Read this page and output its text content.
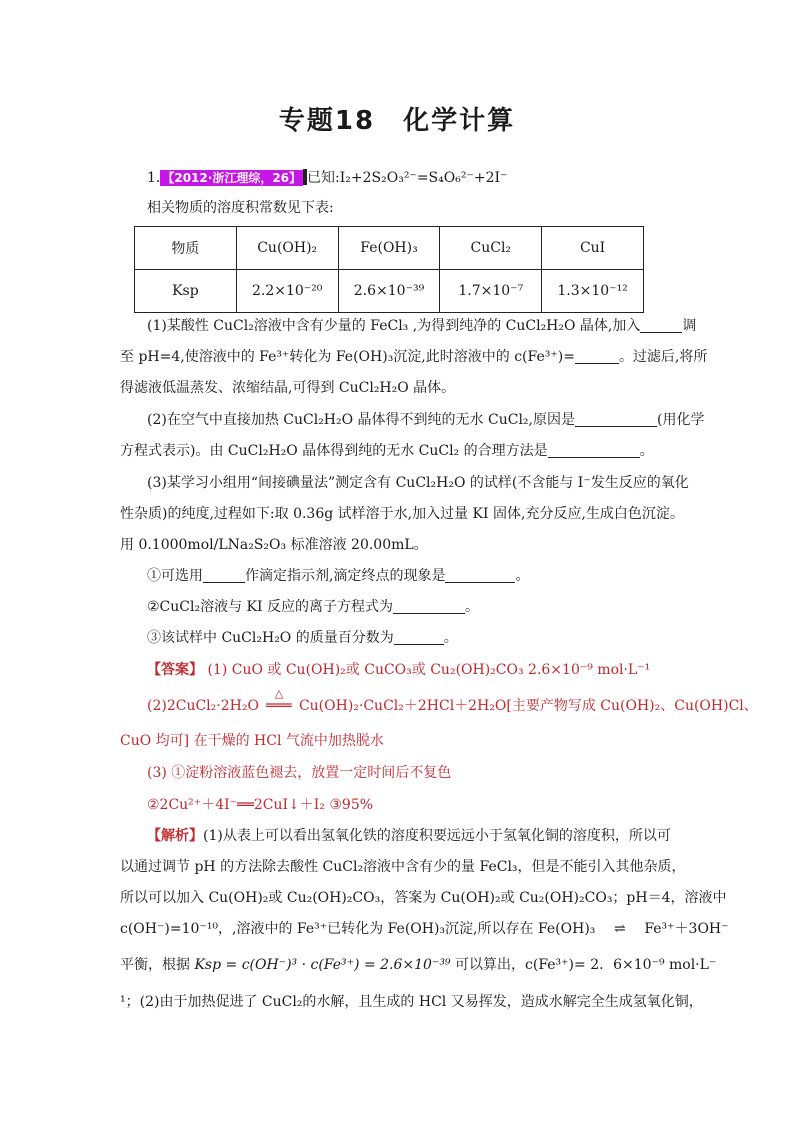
专题18　化学计算
1. 【2012·浙江理综，26】 已知:I₂+2S₂O₃²⁻=S₄O₆²⁻+2I⁻
相关物质的溶度积常数见下表:
物质	Cu(OH)₂	Fe(OH)₃	CuCl₂	CuI
Ksp	2.2×10⁻²⁰	2.6×10⁻³⁹	1.7×10⁻⁷	1.3×10⁻¹²
(1)某酸性 CuCl₂溶液中含有少量的 FeCl₃ ,为得到纯净的 CuCl₂H₂O 晶体,加入	调
至 pH=4,使溶液中的 Fe³⁺转化为 Fe(OH)₃沉淀,此时溶液中的 c(Fe³⁺)=	。过滤后,将所
得滤液低温蒸发、浓缩结晶,可得到 CuCl₂H₂O 晶体。
(2)在空气中直接加热 CuCl₂H₂O 晶体得不到纯的无水 CuCl₂,原因是	(用化学
方程式表示)。由 CuCl₂H₂O 晶体得到纯的无水 CuCl₂ 的合理方法是	。
(3)某学习小组用“间接碘量法”测定含有 CuCl₂H₂O 的试样(不含能与 I⁻发生反应的氧化
性杂质)的纯度,过程如下:取 0.36g 试样溶于水,加入过量 KI 固体,充分反应,生成白色沉淀。
用 0.1000mol/LNa₂S₂O₃ 标准溶液 20.00mL。
①可选用	作滴定指示剂,滴定终点的现象是	。
②CuCl₂溶液与 KI 反应的离子方程式为	。
③该试样中 CuCl₂H₂O 的质量百分数为	。
【答案】 (1) CuO 或 Cu(OH)₂或 CuCO₃或 Cu₂(OH)₂CO₃ 2.6×10⁻⁹ mol·L⁻¹
(2)2CuCl₂·2H₂O
△
═══ Cu(OH)₂·CuCl₂＋2HCl＋2H₂O[主要产物写成 Cu(OH)₂、Cu(OH)Cl、
CuO 均可] 在干燥的 HCl 气流中加热脱水
(3) ①淀粉溶液蓝色褪去，放置一定时间后不复色
②2Cu²⁺＋4I⁻══2CuI↓＋I₂ ③95%
【解析】(1)从表上可以看出氢氧化铁的溶度积要远远小于氢氧化铜的溶度积，所以可
以通过调节 pH 的方法除去酸性 CuCl₂溶液中含有少的量 FeCl₃，但是不能引入其他杂质，
所以可以加入 Cu(OH)₂或 Cu₂(OH)₂CO₃，答案为 Cu(OH)₂或 Cu₂(OH)₂CO₃；pH＝4，溶液中
c(OH⁻)=10⁻¹⁰，,溶液中的 Fe³⁺已转化为 Fe(OH)₃沉淀,所以存在 Fe(OH)₃ ⇌ Fe³⁺＋3OH⁻
平衡，根据 Ksp = c(OH⁻)³ · c(Fe³⁺) = 2.6×10⁻³⁹ 可以算出，c(Fe³⁺)= 2．6×10⁻⁹ mol·L⁻
¹；(2)由于加热促进了 CuCl₂的水解，且生成的 HCl 又易挥发，造成水解完全生成氢氧化铜，
